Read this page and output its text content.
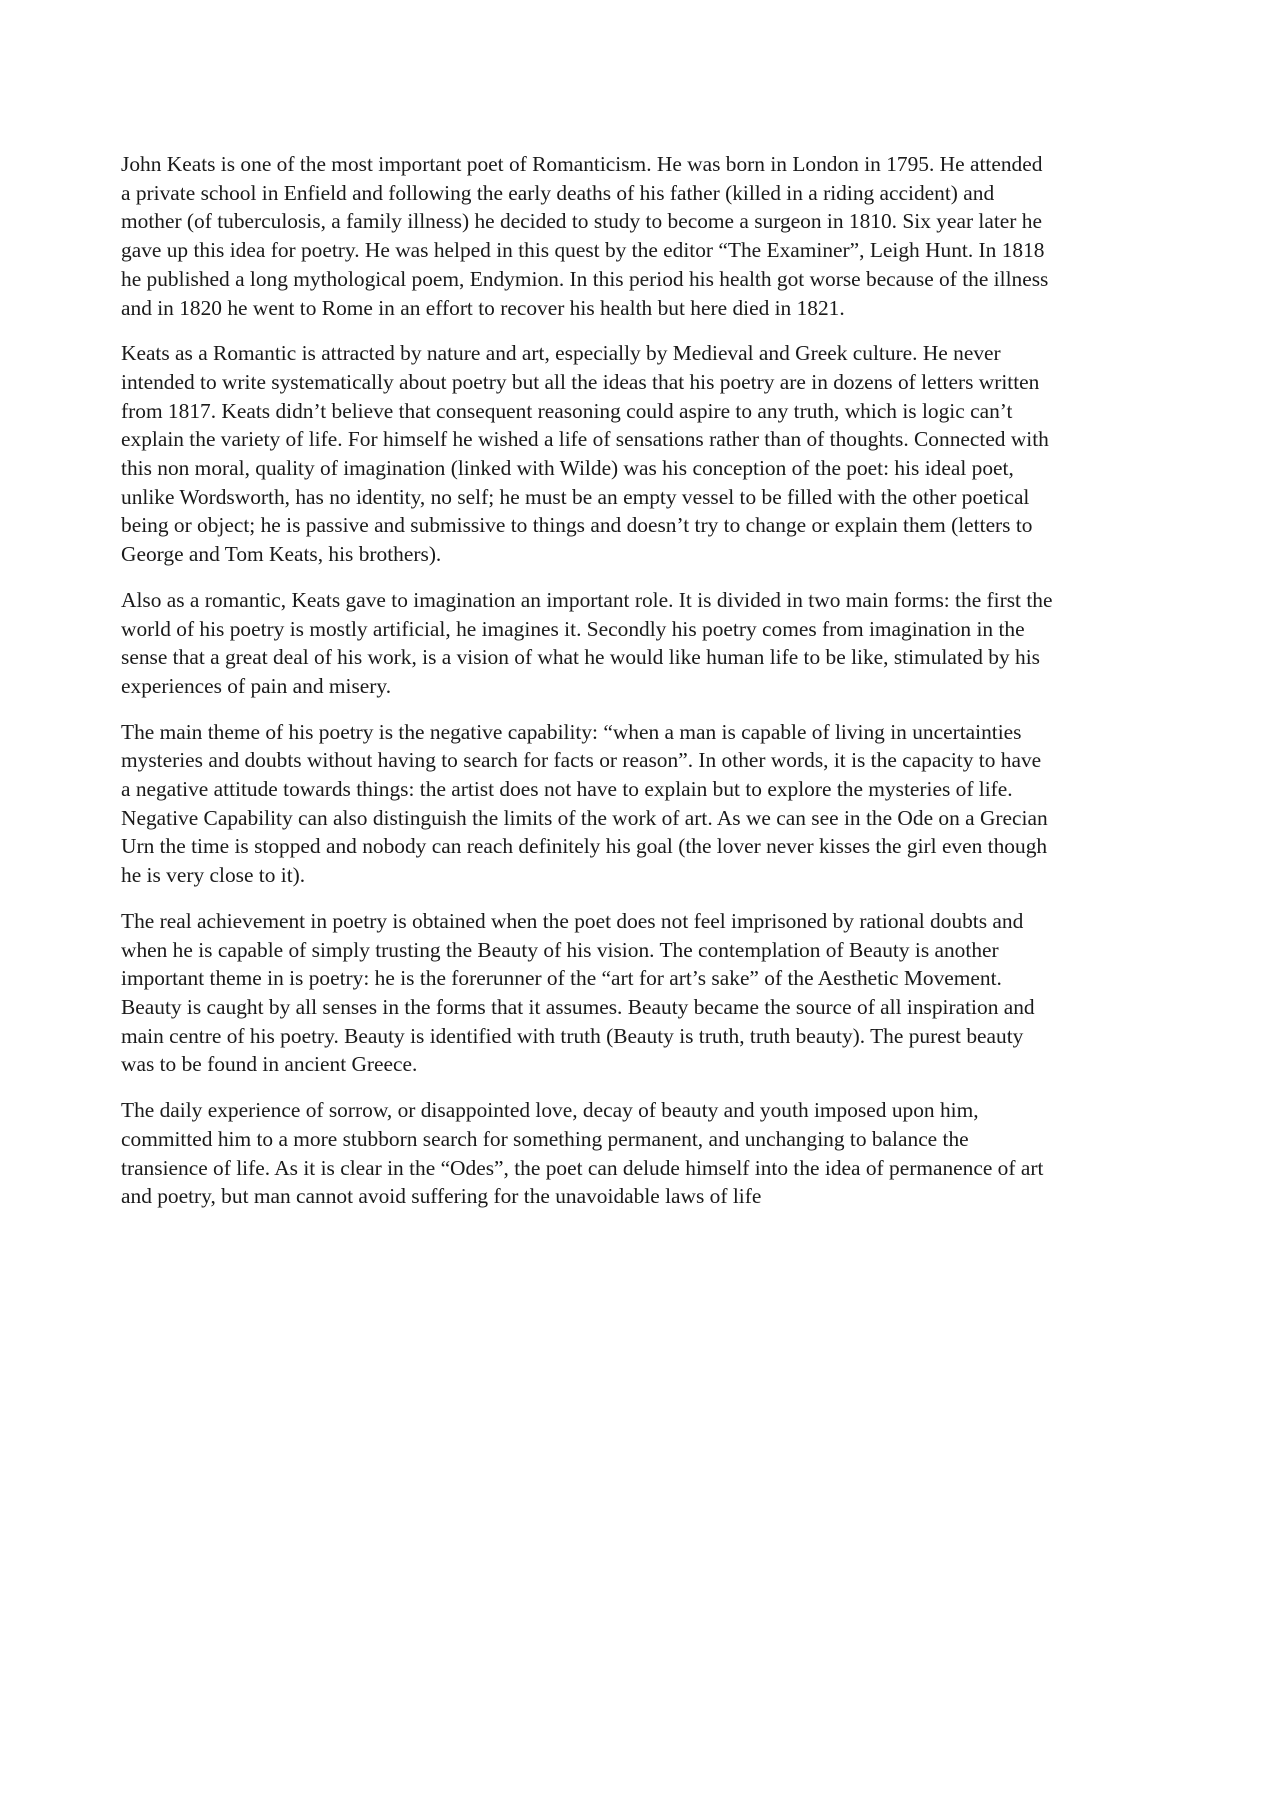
John Keats is one of the most important poet of Romanticism. He was born in London in 1795. He attended
a private school in Enfield and following the early deaths of his father (killed in a riding accident) and
mother (of tuberculosis, a family illness) he decided to study to become a surgeon in 1810. Six year later he
gave up this idea for poetry. He was helped in this quest by the editor “The Examiner”, Leigh Hunt. In 1818
he published a long mythological poem, Endymion. In this period his health got worse because of the illness
and in 1820 he went to Rome in an effort to recover his health but here died in 1821.

Keats as a Romantic is attracted by nature and art, especially by Medieval and Greek culture. He never
intended to write systematically about poetry but all the ideas that his poetry are in dozens of letters written
from 1817. Keats didn’t believe that consequent reasoning could aspire to any truth, which is logic can’t
explain the variety of life. For himself he wished a life of sensations rather than of thoughts. Connected with
this non moral, quality of imagination (linked with Wilde) was his conception of the poet: his ideal poet,
unlike Wordsworth, has no identity, no self; he must be an empty vessel to be filled with the other poetical
being or object; he is passive and submissive to things and doesn’t try to change or explain them (letters to
George and Tom Keats, his brothers).

Also as a romantic, Keats gave to imagination an important role. It is divided in two main forms: the first the
world of his poetry is mostly artificial, he imagines it. Secondly his poetry comes from imagination in the
sense that a great deal of his work, is a vision of what he would like human life to be like, stimulated by his
experiences of pain and misery.

The main theme of his poetry is the negative capability: “when a man is capable of living in uncertainties
mysteries and doubts without having to search for facts or reason”. In other words, it is the capacity to have
a negative attitude towards things: the artist does not have to explain but to explore the mysteries of life.
Negative Capability can also distinguish the limits of the work of art. As we can see in the Ode on a Grecian
Urn the time is stopped and nobody can reach definitely his goal (the lover never kisses the girl even though
he is very close to it).

The real achievement in poetry is obtained when the poet does not feel imprisoned by rational doubts and
when he is capable of simply trusting the Beauty of his vision. The contemplation of Beauty is another
important theme in is poetry: he is the forerunner of the “art for art’s sake” of the Aesthetic Movement.
Beauty is caught by all senses in the forms that it assumes. Beauty became the source of all inspiration and
main centre of his poetry. Beauty is identified with truth (Beauty is truth, truth beauty). The purest beauty
was to be found in ancient Greece.

The daily experience of sorrow, or disappointed love, decay of beauty and youth imposed upon him,
committed him to a more stubborn search for something permanent, and unchanging to balance the
transience of life. As it is clear in the “Odes”, the poet can delude himself into the idea of permanence of art
and poetry, but man cannot avoid suffering for the unavoidable laws of life
